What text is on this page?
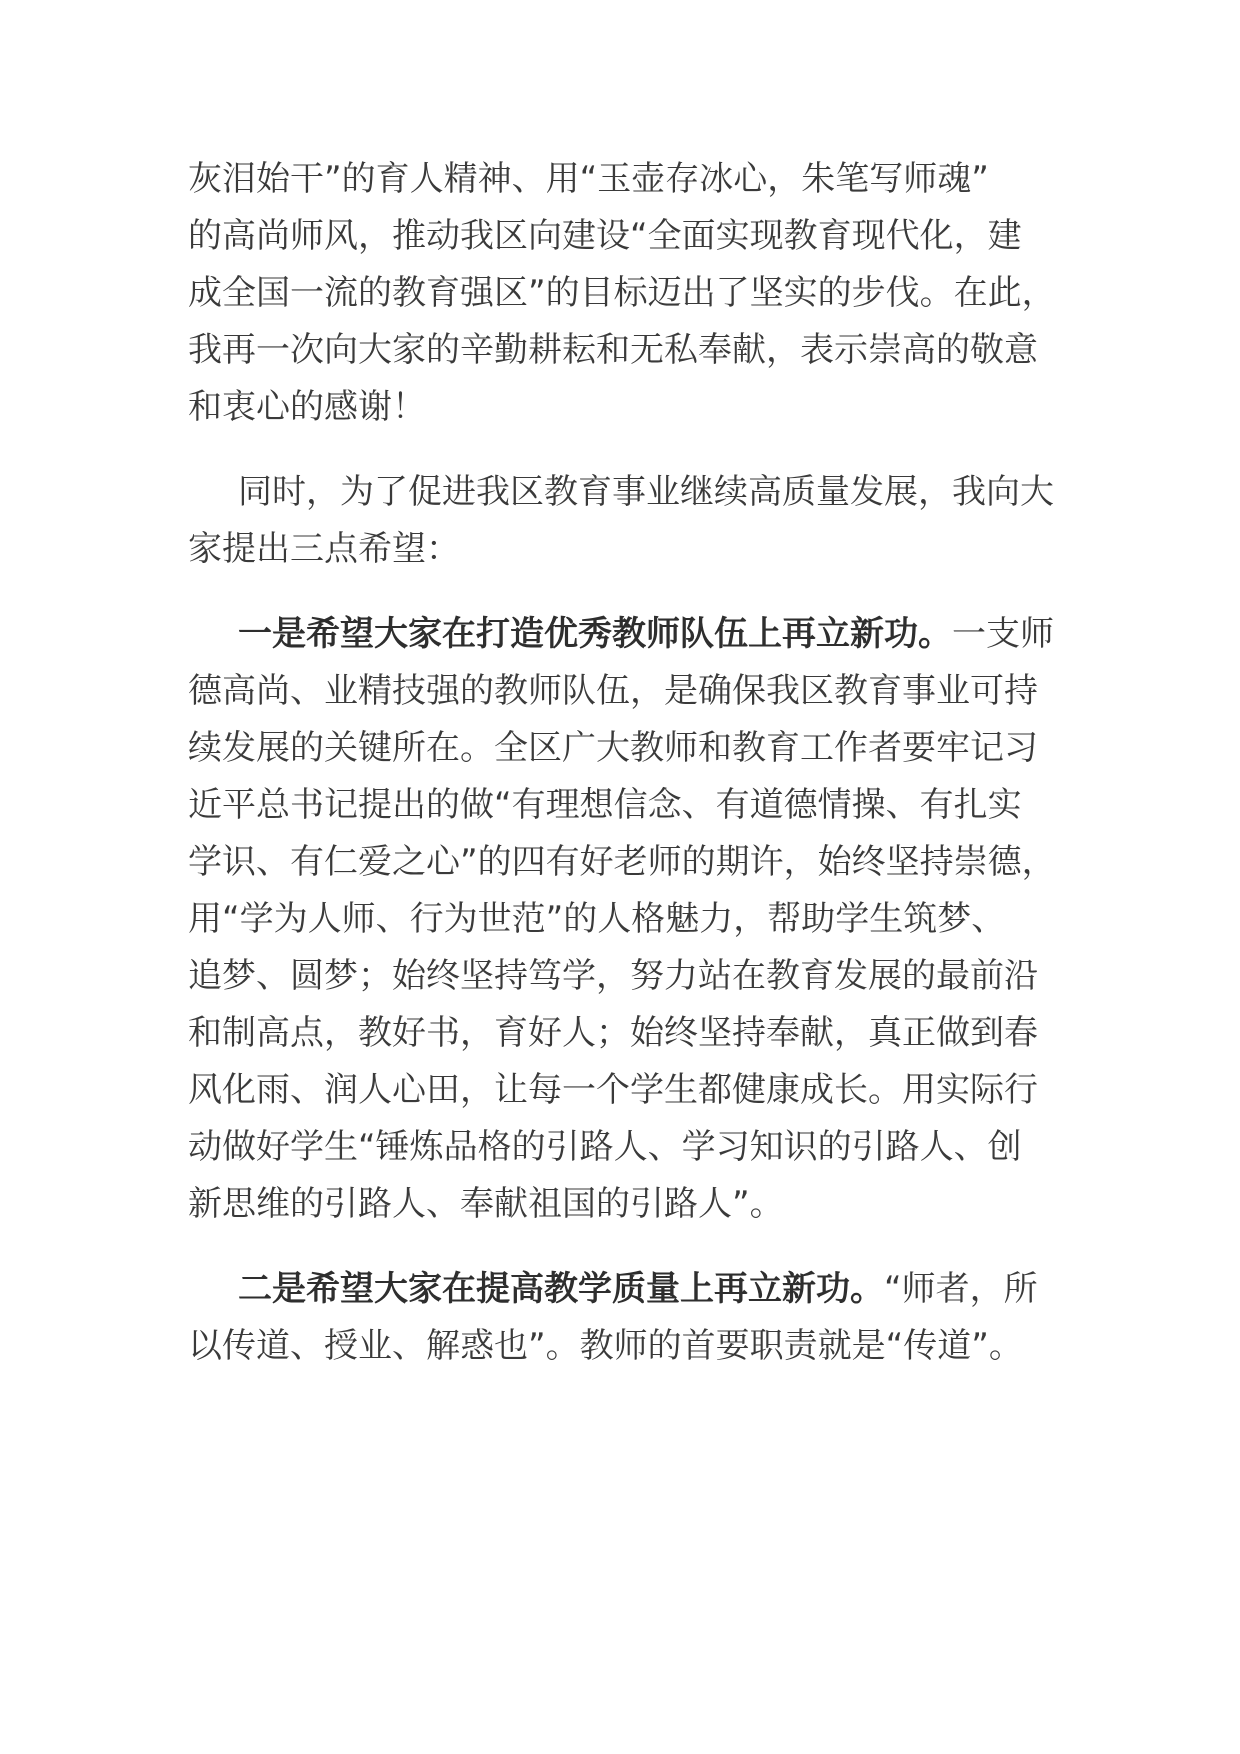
灰泪始干”的育人精神、用“玉壶存冰心，朱笔写师魂”
的高尚师风，推动我区向建设“全面实现教育现代化，建
成全国一流的教育强区”的目标迈出了坚实的步伐。在此，
我再一次向大家的辛勤耕耘和无私奉献，表示崇高的敬意
和衷心的感谢！
同时，为了促进我区教育事业继续高质量发展，我向大
家提出三点希望：
一是希望大家在打造优秀教师队伍上再立新功。一支师
德高尚、业精技强的教师队伍，是确保我区教育事业可持
续发展的关键所在。全区广大教师和教育工作者要牢记习
近平总书记提出的做“有理想信念、有道德情操、有扎实
学识、有仁爱之心”的四有好老师的期许，始终坚持崇德，
用“学为人师、行为世范”的人格魅力，帮助学生筑梦、
追梦、圆梦；始终坚持笃学，努力站在教育发展的最前沿
和制高点，教好书，育好人；始终坚持奉献，真正做到春
风化雨、润人心田，让每一个学生都健康成长。用实际行
动做好学生“锤炼品格的引路人、学习知识的引路人、创
新思维的引路人、奉献祖国的引路人”。
二是希望大家在提高教学质量上再立新功。“师者，所
以传道、授业、解惑也”。教师的首要职责就是“传道”。
